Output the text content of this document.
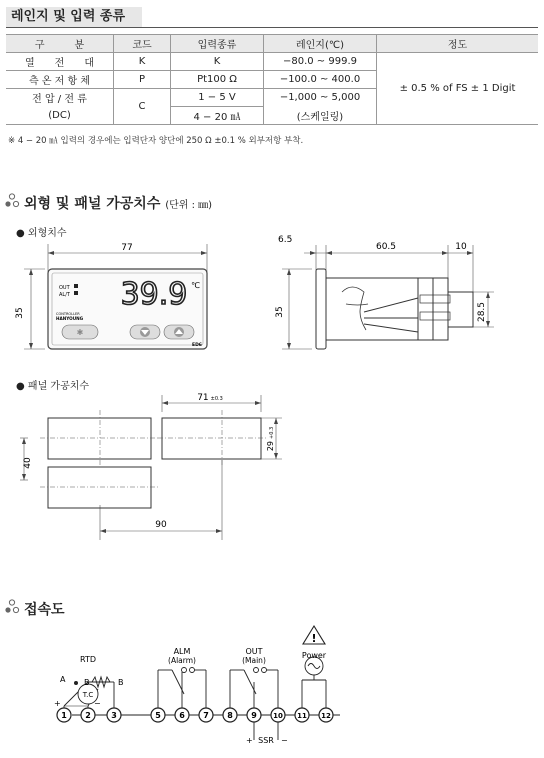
레인지 및 입력 종류
구　　　분	코드	입력종류	레인지(℃)	정도
열　　전　　대	K	K	−80.0 ~ 999.9	± 0.5 % of FS ± 1 Digit
측 온 저 항 체	P	Pt100 Ω	−100.0 ~ 400.0	
전 압 / 전 류	C	1 − 5 V	−1,000 ~ 5,000	
(DC)		4 − 20 ㎃	(스케일링)	
※ 4 − 20 ㎃ 입력의 경우에는 입력단자 양단에 250 Ω ±0.1 % 외부저항 부착.
외형 및 패널 가공치수 (단위 : ㎜)
● 외형치수
77
35
OUT
AL/T 39.9 ℃
CONTROLLER
HANYOUNG
✱
ED6
6.5
60.5	10
35	28.5
● 패널 가공치수
71 ±0.3
29+0.3
40
90
접속도
!
RTD
A B	B
T.C
+	−
ALM
(Alarm)
OUT
(Main)
Power
+ SSR −
1 2	3	5 6 7 8 9 10 11 12
